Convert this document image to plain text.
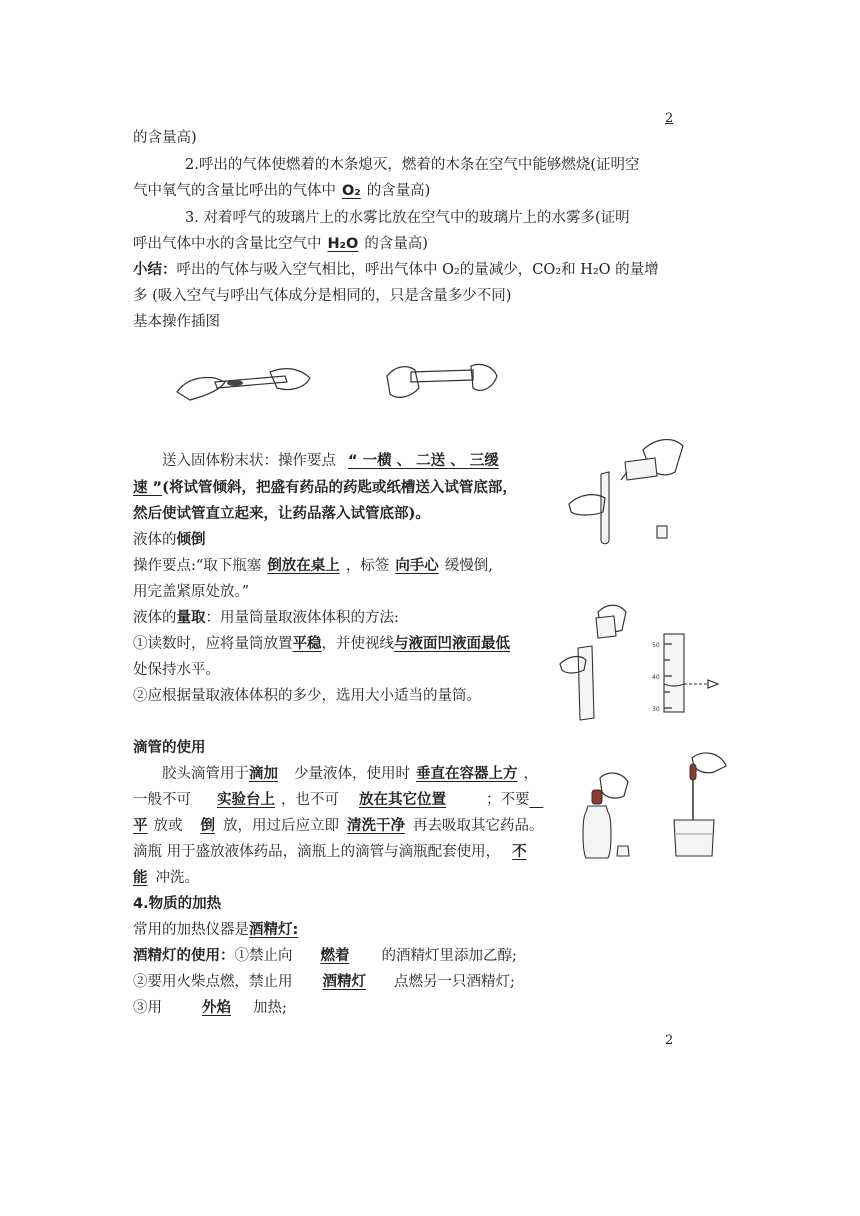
2
的含量高)
2.呼出的气体使燃着的木条熄灭，燃着的木条在空气中能够燃烧(证明空
气中氧气的含量比呼出的气体中 O₂ 的含量高)
3. 对着呼气的玻璃片上的水雾比放在空气中的玻璃片上的水雾多(证明
呼出气体中水的含量比空气中 H₂O 的含量高)
小结：呼出的气体与吸入空气相比，呼出气体中 O₂的量减少，CO₂和 H₂O 的量增
多 (吸入空气与呼出气体成分是相同的，只是含量多少不同)
基本操作插图
送入固体粉末状：操作要点 “ 一横 、 二送 、 三缓
速 ”(将试管倾斜，把盛有药品的药匙或纸槽送入试管底部，
然后使试管直立起来，让药品落入试管底部)。
液体的倾倒
操作要点:“取下瓶塞 倒放在桌上 ，标签 向手心 缓慢倒,
用完盖紧原处放。”
液体的量取：用量筒量取液体体积的方法:
①读数时，应将量筒放置平稳，并使视线与液面凹液面最低
处保持水平。
②应根据量取液体体积的多少，选用大小适当的量筒。
50
40
30
滴管的使用
胶头滴管用于滴加 少量液体，使用时 垂直在容器上方 ，
一般不可 实验台上 ，也不可 放在其它位置	；不要
平 放或 倒 放，用过后应立即 清洗干净 再去吸取其它药品。
滴瓶 用于盛放液体药品，滴瓶上的滴管与滴瓶配套使用， 不
能 冲洗。
4.物质的加热
常用的加热仪器是酒精灯:
酒精灯的使用：①禁止向 燃着 的酒精灯里添加乙醇;
②要用火柴点燃，禁止用 酒精灯 点燃另一只酒精灯;
③用	外焰 加热;
2
